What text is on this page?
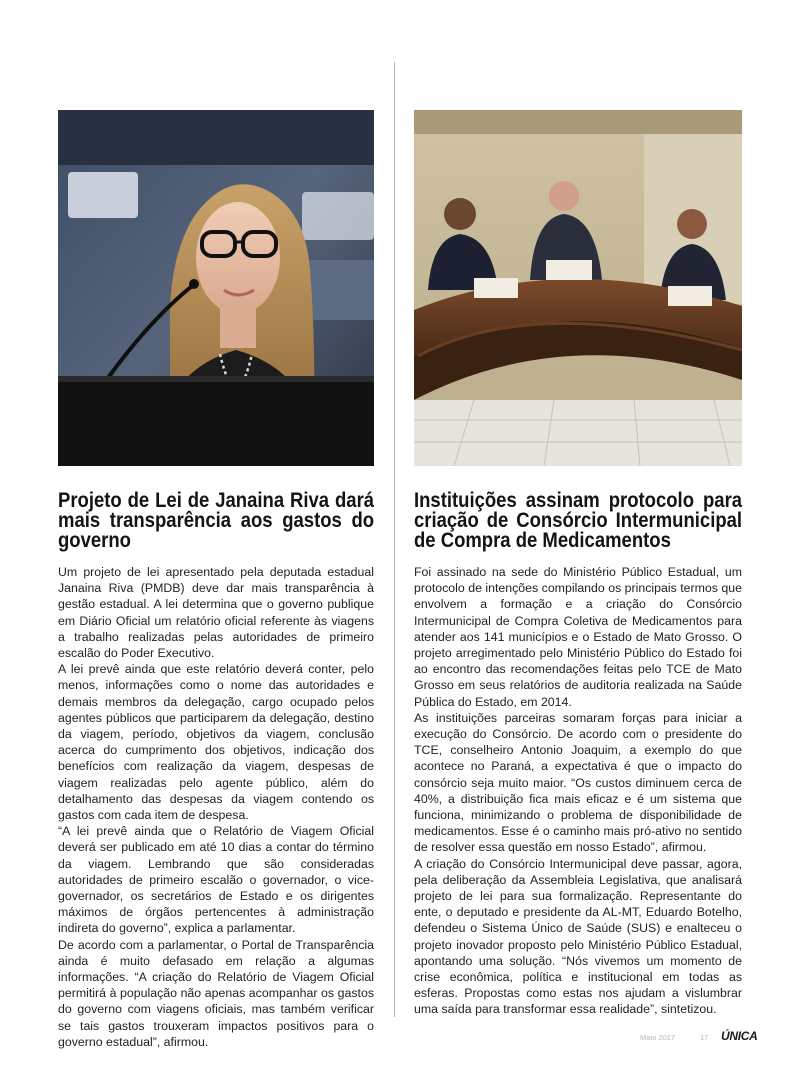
Projeto de Lei de Janaina Riva dará mais transparência aos gastos do governo

Um projeto de lei apresentado pela deputada estadual Janaina Riva (PMDB) deve dar mais transparência à gestão estadual. A lei determina que o governo publique em Diário Oficial um relatório oficial referente às viagens a trabalho realizadas pelas autoridades de primeiro escalão do Poder Executivo.

A lei prevê ainda que este relatório deverá conter, pelo menos, informações como o nome das autoridades e demais membros da delegação, cargo ocupado pelos agentes públicos que participarem da delegação, destino da viagem, período, objetivos da viagem, conclusão acerca do cumprimento dos objetivos, indicação dos benefícios com realização da viagem, despesas de viagem realizadas pelo agente público, além do detalhamento das despesas da viagem contendo os gastos com cada item de despesa.

“A lei prevê ainda que o Relatório de Viagem Oficial deverá ser publicado em até 10 dias a contar do término da viagem. Lembrando que são consideradas autoridades de primeiro escalão o governador, o vice-governador, os secretários de Estado e os dirigentes máximos de órgãos pertencentes à administração indireta do governo”, explica a parlamentar.

De acordo com a parlamentar, o Portal de Transparência ainda é muito defasado em relação a algumas informações. “A criação do Relatório de Viagem Oficial permitirá à população não apenas acompanhar os gastos do governo com viagens oficiais, mas também verificar se tais gastos trouxeram impactos positivos para o governo estadual”, afirmou.

Instituições assinam protocolo para criação de Consórcio Intermunicipal de Compra de Medicamentos

Foi assinado na sede do Ministério Público Estadual, um protocolo de intenções compilando os principais termos que envolvem a formação e a criação do Consórcio Intermunicipal de Compra Coletiva de Medicamentos para atender aos 141 municípios e o Estado de Mato Grosso. O projeto arregimentado pelo Ministério Público do Estado foi ao encontro das recomendações feitas pelo TCE de Mato Grosso em seus relatórios de auditoria realizada na Saúde Pública do Estado, em 2014.

As instituições parceiras somaram forças para iniciar a execução do Consórcio. De acordo com o presidente do TCE, conselheiro Antonio Joaquim, a exemplo do que acontece no Paraná, a expectativa é que o impacto do consórcio seja muito maior. “Os custos diminuem cerca de 40%, a distribuição fica mais eficaz e é um sistema que funciona, minimizando o problema de disponibilidade de medicamentos. Esse é o caminho mais pró-ativo no sentido de resolver essa questão em nosso Estado”, afirmou.

A criação do Consórcio Intermunicipal deve passar, agora, pela deliberação da Assembleia Legislativa, que analisará projeto de lei para sua formalização. Representante do ente, o deputado e presidente da AL-MT, Eduardo Botelho, defendeu o Sistema Único de Saúde (SUS) e enalteceu o projeto inovador proposto pelo Ministério Público Estadual, apontando uma solução. “Nós vivemos um momento de crise econômica, política e institucional em todas as esferas. Propostas como estas nos ajudam a vislumbrar uma saída para transformar essa realidade”, sintetizou.

Maio 2017	17 ÚNICA
